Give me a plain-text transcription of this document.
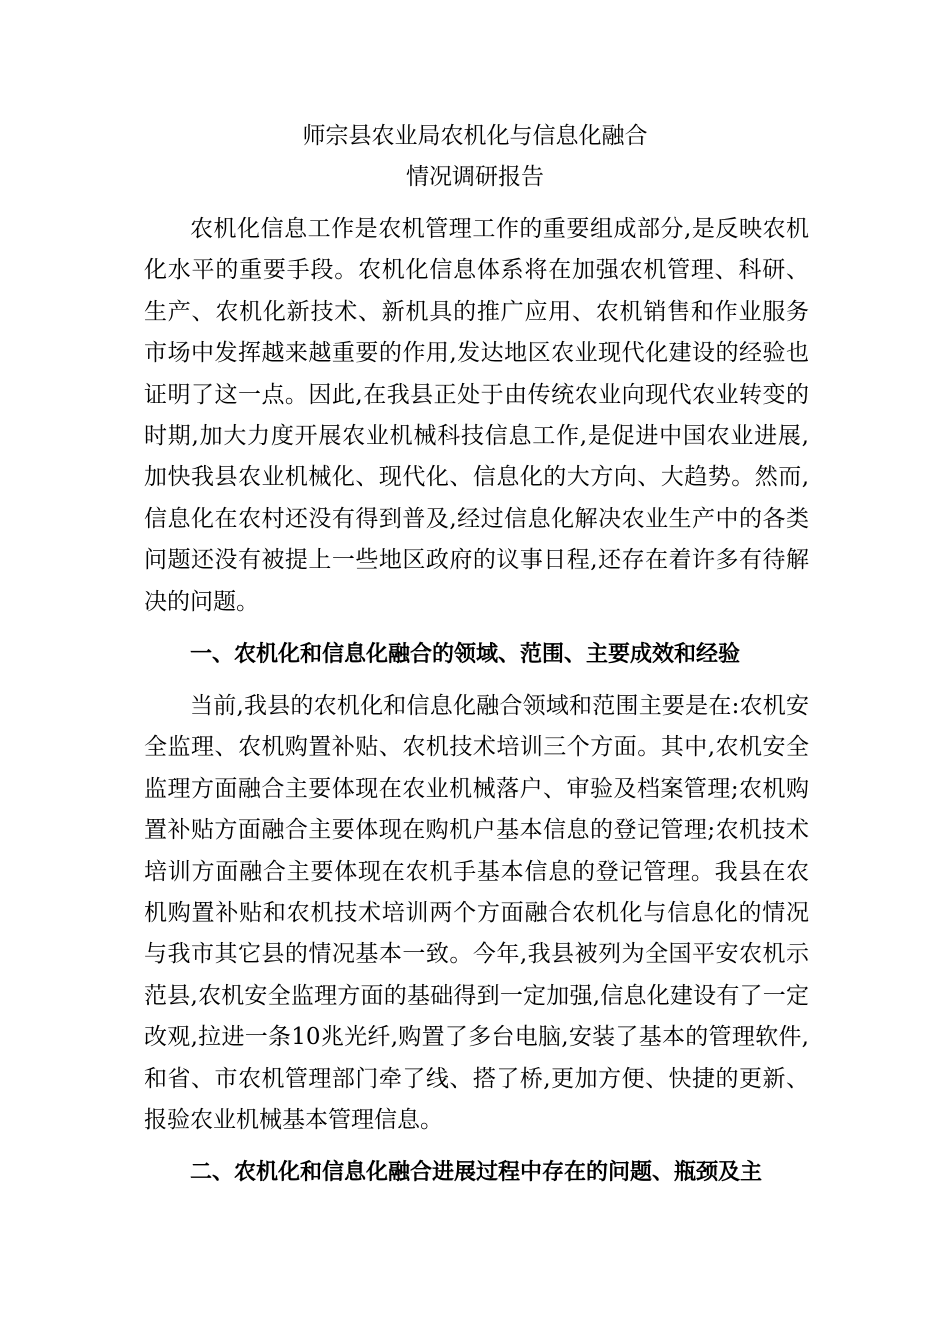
师宗县农业局农机化与信息化融合
情况调研报告

农机化信息工作是农机管理工作的重要组成部分,是反映农机化水平的重要手段。农机化信息体系将在加强农机管理、科研、生产、农机化新技术、新机具的推广应用、农机销售和作业服务市场中发挥越来越重要的作用,发达地区农业现代化建设的经验也证明了这一点。因此,在我县正处于由传统农业向现代农业转变的时期,加大力度开展农业机械科技信息工作,是促进中国农业进展,加快我县农业机械化、现代化、信息化的大方向、大趋势。然而,信息化在农村还没有得到普及,经过信息化解决农业生产中的各类问题还没有被提上一些地区政府的议事日程,还存在着许多有待解决的问题。

一、农机化和信息化融合的领域、范围、主要成效和经验

当前,我县的农机化和信息化融合领域和范围主要是在:农机安全监理、农机购置补贴、农机技术培训三个方面。其中,农机安全监理方面融合主要体现在农业机械落户、审验及档案管理;农机购置补贴方面融合主要体现在购机户基本信息的登记管理;农机技术培训方面融合主要体现在农机手基本信息的登记管理。我县在农机购置补贴和农机技术培训两个方面融合农机化与信息化的情况与我市其它县的情况基本一致。今年,我县被列为全国平安农机示范县,农机安全监理方面的基础得到一定加强,信息化建设有了一定改观,拉进一条10兆光纤,购置了多台电脑,安装了基本的管理软件,和省、市农机管理部门牵了线、搭了桥,更加方便、快捷的更新、报验农业机械基本管理信息。

二、农机化和信息化融合进展过程中存在的问题、瓶颈及主
